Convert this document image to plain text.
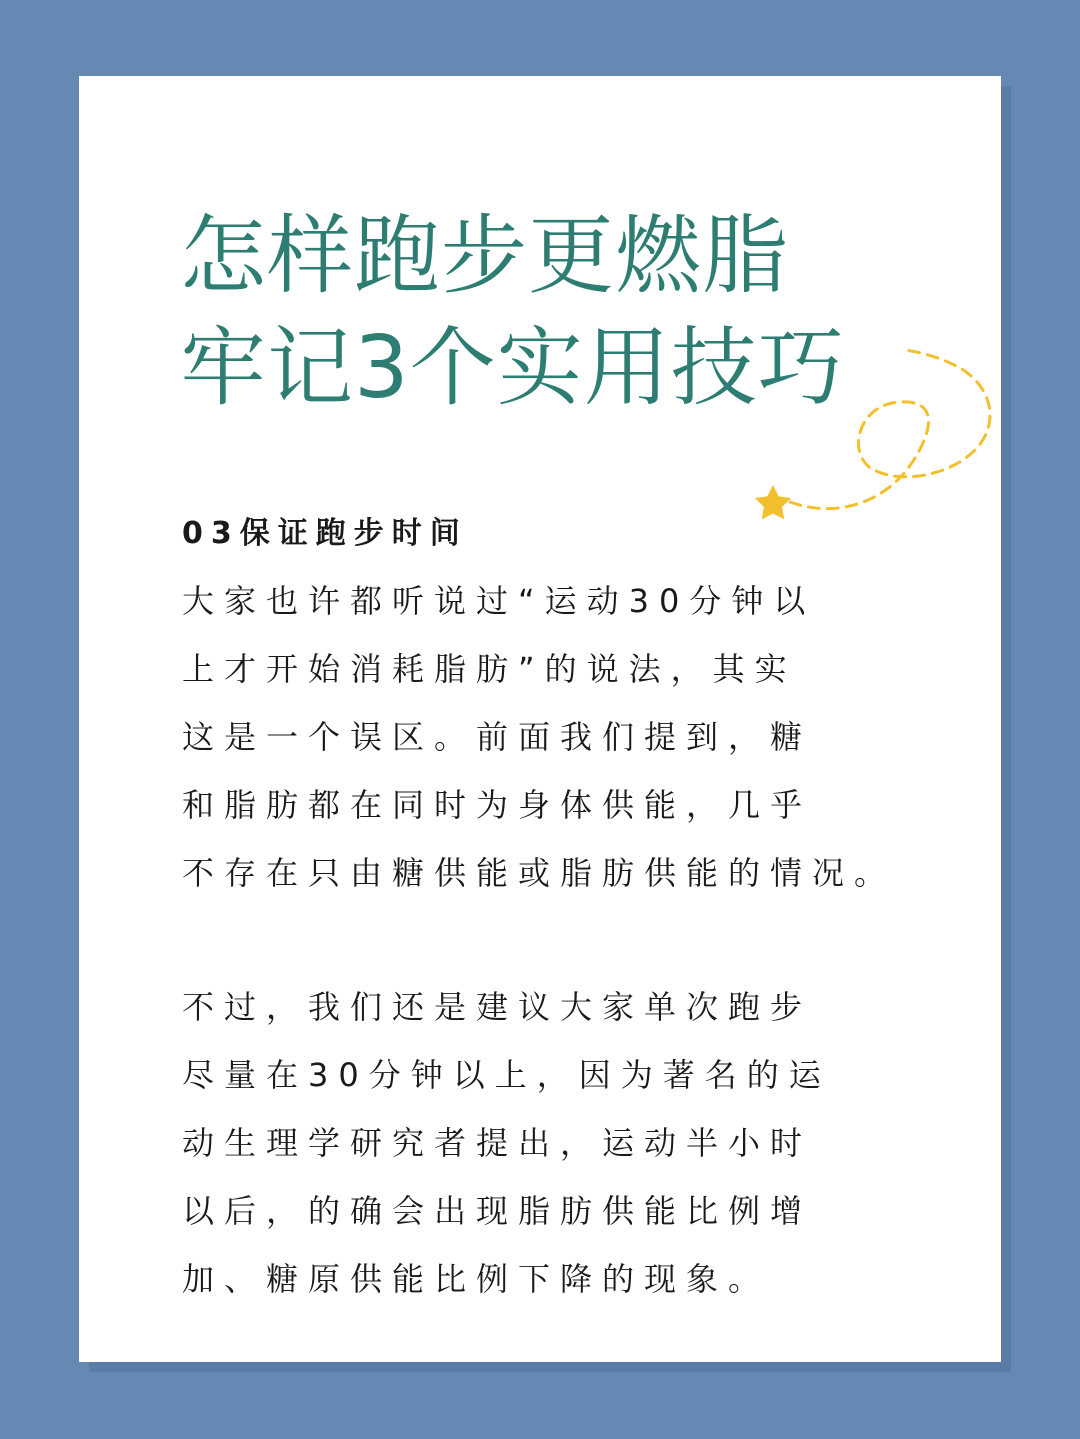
怎样跑步更燃脂
牢记3个实用技巧
03保证跑步时间

大家也许都听说过“运动30分钟以
上才开始消耗脂肪”的说法，其实
这是一个误区。前面我们提到，糖
和脂肪都在同时为身体供能，几乎
不存在只由糖供能或脂肪供能的情况。

不过，我们还是建议大家单次跑步
尽量在30分钟以上，因为著名的运
动生理学研究者提出，运动半小时
以后，的确会出现脂肪供能比例增
加、糖原供能比例下降的现象。
